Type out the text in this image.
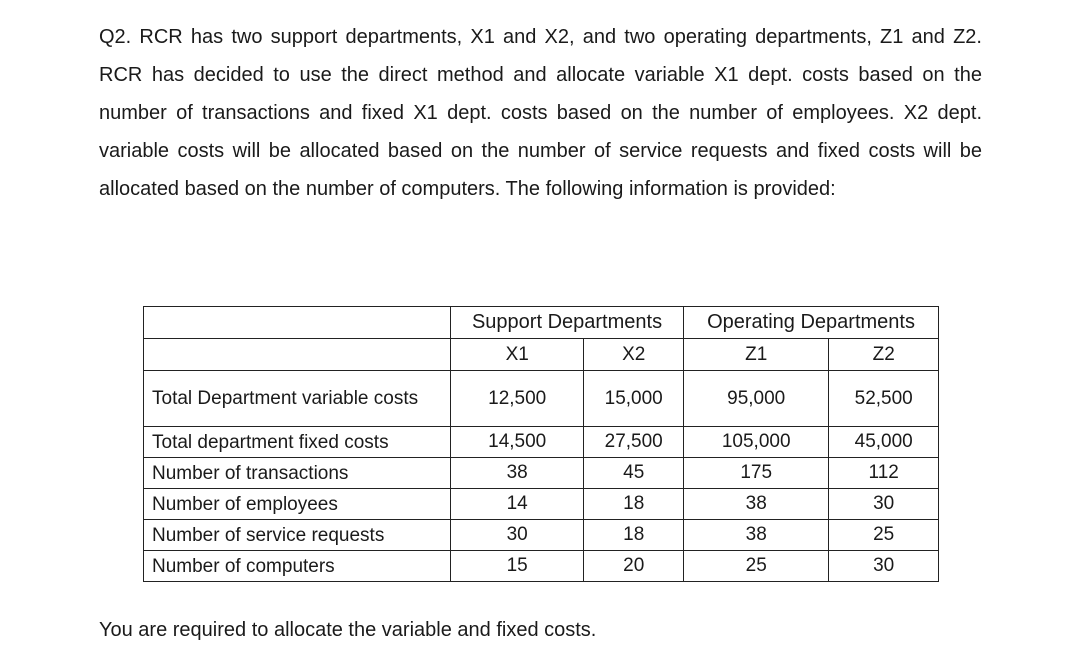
Q2. RCR has two support departments, X1 and X2, and two operating departments, Z1 and Z2. RCR has decided to use the direct method and allocate variable X1 dept. costs based on the number of transactions and fixed X1 dept. costs based on the number of employees. X2 dept. variable costs will be allocated based on the number of service requests and fixed costs will be allocated based on the number of computers. The following information is provided:

	Support Departments		Operating Departments	
	X1	X2	Z1	Z2
Total Department variable costs	12,500	15,000	95,000	52,500
Total department fixed costs	14,500	27,500	105,000	45,000
Number of transactions	38	45	175	112
Number of employees	14	18	38	30
Number of service requests	30	18	38	25
Number of computers	15	20	25	30

You are required to allocate the variable and fixed costs.
